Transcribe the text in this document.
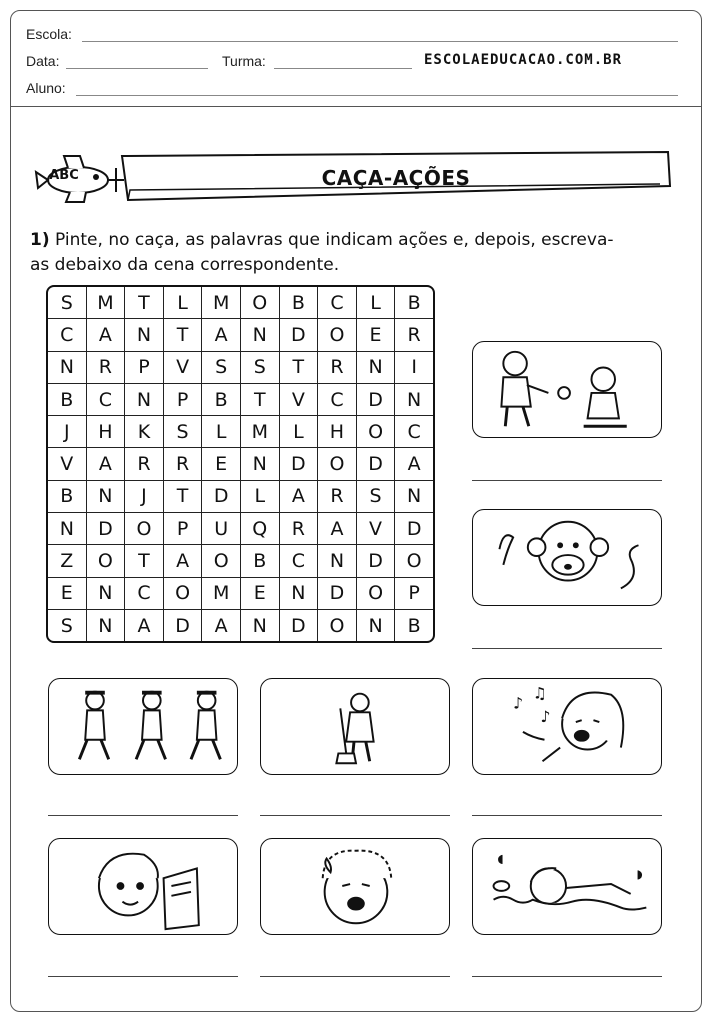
Escola:
Data:	Turma:	ESCOLAEDUCACAO.COM.BR
Aluno:
ABC	CAÇA-AÇÕES
1) Pinte, no caça, as palavras que indicam ações e, depois, escreva-
as debaixo da cena correspondente.
S	M	T	L	M	O	B	C	L	B
C	A	N	T	A	N	D	O	E	R
N	R	P	V	S	S	T	R	N	I
B	C	N	P	B	T	V	C	D	N
J	H	K	S	L	M	L	H	O	C
V	A	R	R	E	N	D	O	D	A
B	N	J	T	D	L	A	R	S	N
N	D	O	P	U	Q	R	A	V	D
Z	O	T	A	O	B	C	N	D	O
E	N	C	O	M	E	N	D	O	P
S	N	A	D	A	N	D	O	N	B
♪
♫
♪
◖
◗
